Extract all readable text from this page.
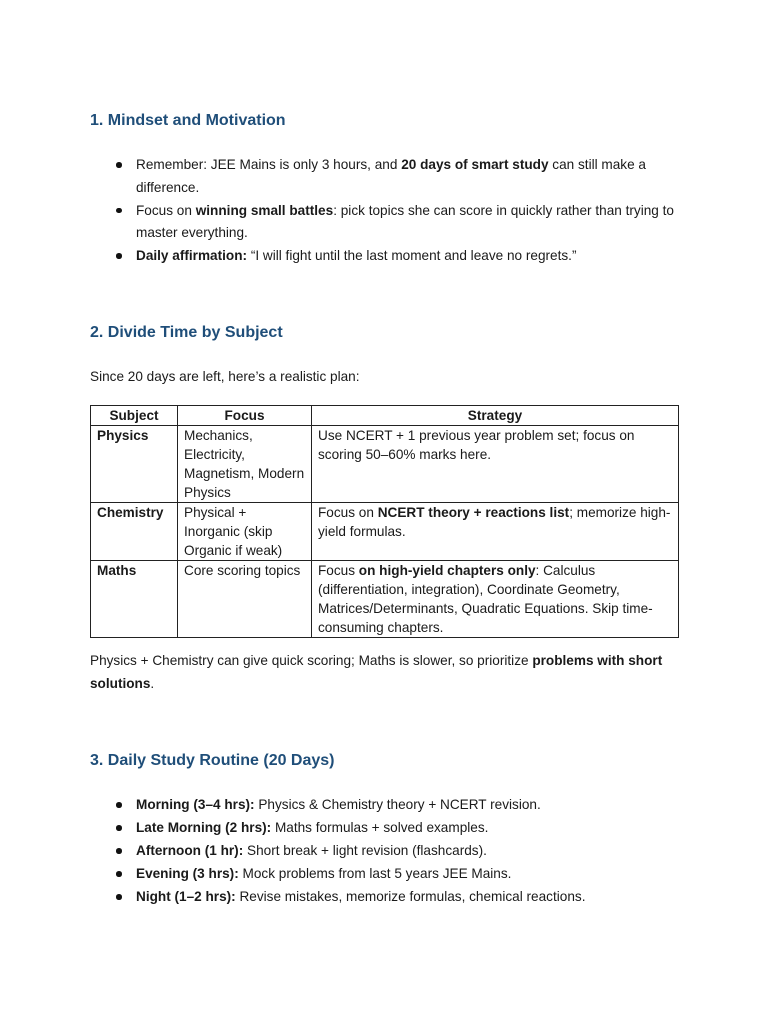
1. Mindset and Motivation
Remember: JEE Mains is only 3 hours, and 20 days of smart study can still make a difference.
Focus on winning small battles: pick topics she can score in quickly rather than trying to master everything.
Daily affirmation: “I will fight until the last moment and leave no regrets.”
2. Divide Time by Subject

Since 20 days are left, here’s a realistic plan:

Subject	Focus	Strategy
Physics	Mechanics, Electricity, Magnetism, Modern Physics	Use NCERT + 1 previous year problem set; focus on scoring 50–60% marks here.
Chemistry	Physical + Inorganic (skip Organic if weak)	Focus on NCERT theory + reactions list; memorize high-yield formulas.
Maths	Core scoring topics	Focus on high-yield chapters only: Calculus (differentiation, integration), Coordinate Geometry, Matrices/Determinants, Quadratic Equations. Skip time-consuming chapters.

Physics + Chemistry can give quick scoring; Maths is slower, so prioritize problems with short solutions.

3. Daily Study Routine (20 Days)
Morning (3–4 hrs): Physics & Chemistry theory + NCERT revision.
Late Morning (2 hrs): Maths formulas + solved examples.
Afternoon (1 hr): Short break + light revision (flashcards).
Evening (3 hrs): Mock problems from last 5 years JEE Mains.
Night (1–2 hrs): Revise mistakes, memorize formulas, chemical reactions.
